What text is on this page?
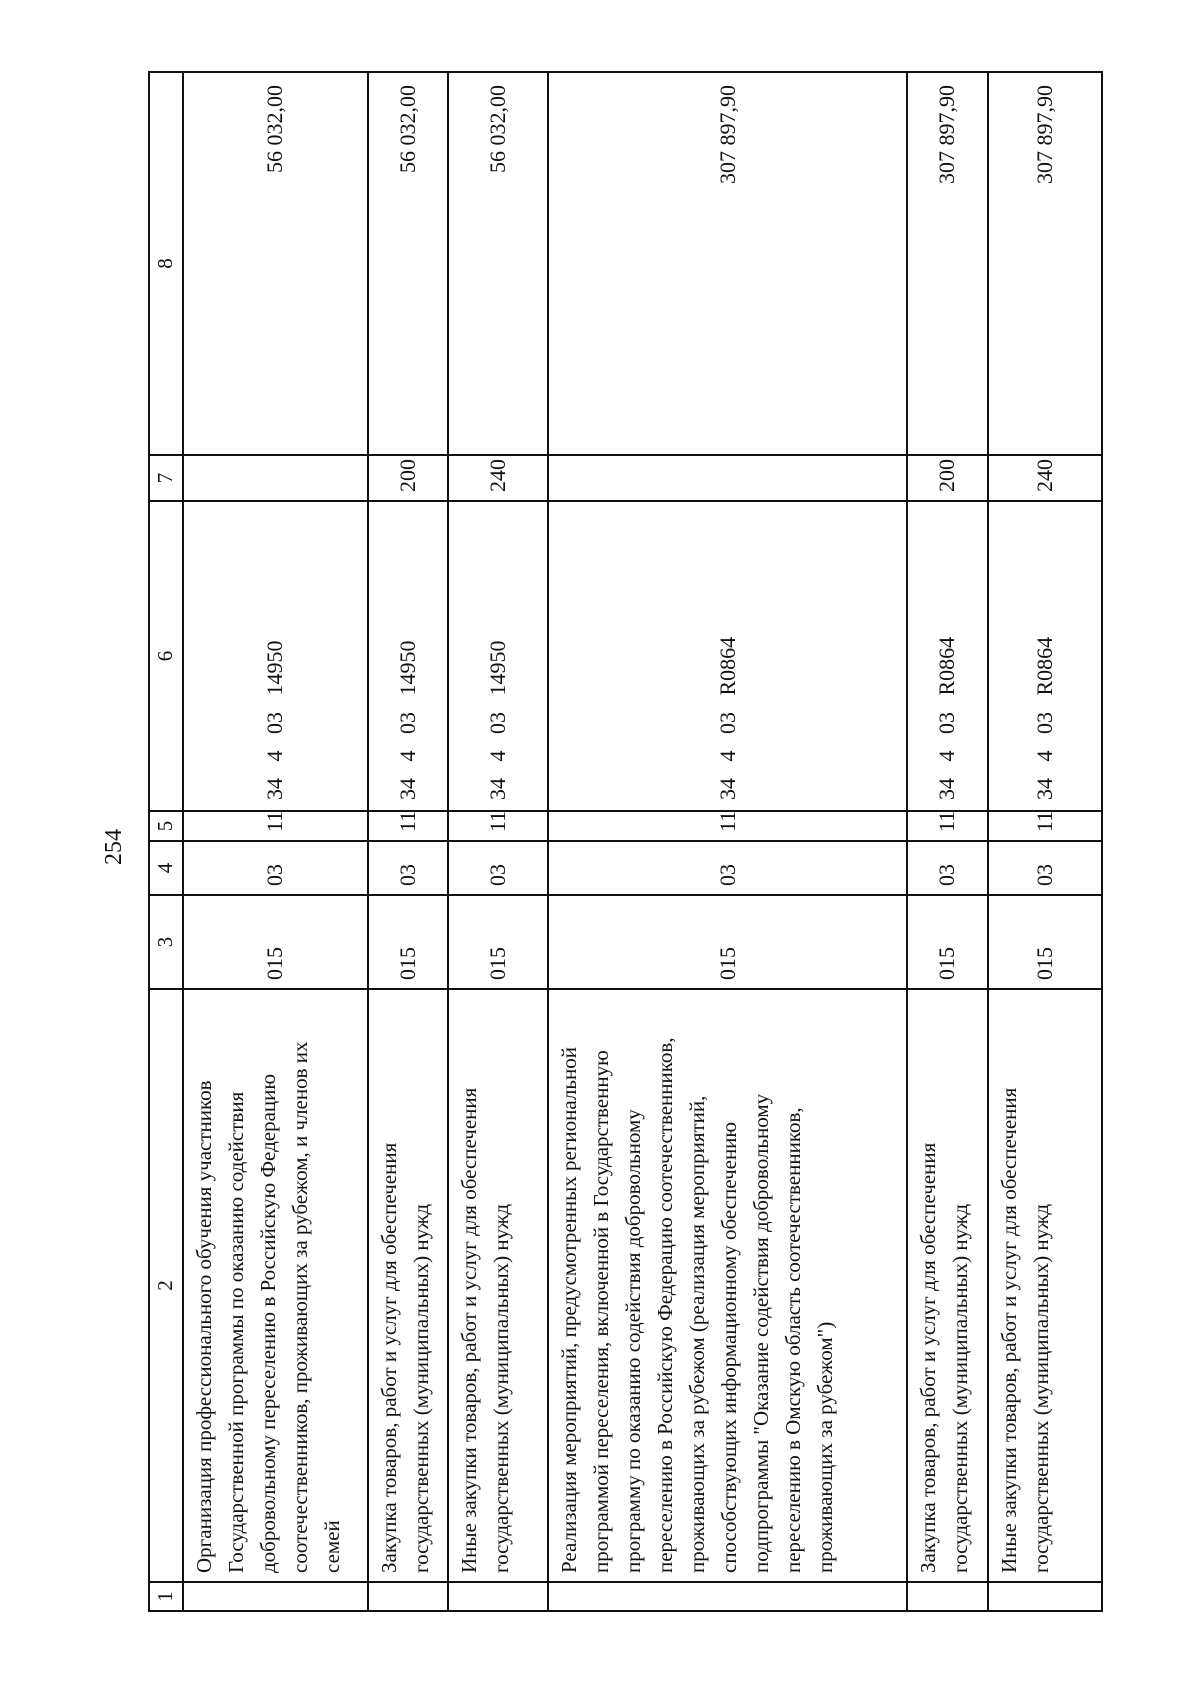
254
1	2	3	4	5	6	7	8
	Организация профессионального обучения участников Государственной программы по оказанию содействия добровольному переселению в Российскую Федерацию соотечественников, проживающих за рубежом, и членов их семей	015	03	11	34   4   03   14950		56 032,00
	Закупка товаров, работ и услуг для обеспечения государственных (муниципальных) нужд	015	03	11	34   4   03   14950	200	56 032,00
	Иные закупки товаров, работ и услуг для обеспечения государственных (муниципальных) нужд	015	03	11	34   4   03   14950	240	56 032,00
	Реализация мероприятий, предусмотренных региональной программой переселения, включенной в Государственную программу по оказанию содействия добровольному переселению в Российскую Федерацию соотечественников, проживающих за рубежом (реализация мероприятий, способствующих информационному обеспечению подпрограммы "Оказание содействия добровольному переселению в Омскую область соотечественников, проживающих за рубежом")	015	03	11	34   4   03   R0864		307 897,90
	Закупка товаров, работ и услуг для обеспечения государственных (муниципальных) нужд	015	03	11	34   4   03   R0864	200	307 897,90
	Иные закупки товаров, работ и услуг для обеспечения государственных (муниципальных) нужд	015	03	11	34   4   03   R0864	240	307 897,90
